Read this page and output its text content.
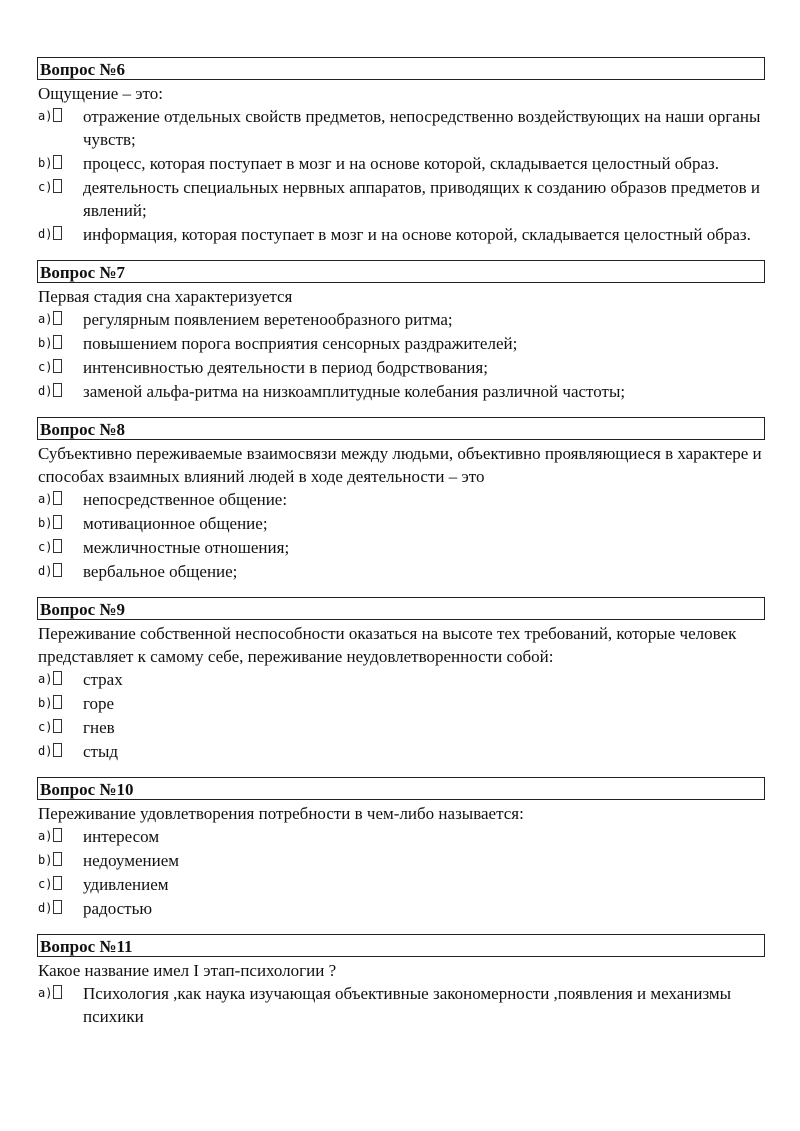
Вопрос №6
Ощущение – это:
a)	отражение отдельных свойств предметов, непосредственно воздействующих на наши органы чувств;
b)	процесс, которая поступает в мозг и на основе которой, складывается целостный образ.
c)	деятельность специальных нервных аппаратов, приводящих к созданию образов предметов и явлений;
d)	информация, которая поступает в мозг и на основе которой, складывается целостный образ.
Вопрос №7
Первая стадия сна характеризуется
a)	регулярным появлением веретенообразного ритма;
b)	повышением порога восприятия сенсорных раздражителей;
c)	интенсивностью деятельности в период бодрствования;
d)	заменой альфа-ритма на низкоамплитудные колебания различной частоты;
Вопрос №8
Субъективно переживаемые взаимосвязи между людьми, объективно проявляющиеся в характере и способах взаимных влияний людей в ходе деятельности – это
a)	непосредственное общение:
b)	мотивационное общение;
c)	межличностные отношения;
d)	вербальное общение;
Вопрос №9
Переживание собственной неспособности оказаться на высоте тех требований, которые человек представляет к самому себе, переживание неудовлетворенности собой:
a)	страх
b)	горе
c)	гнев
d)	стыд
Вопрос №10
Переживание удовлетворения потребности в чем-либо называется:
a)	интересом
b)	недоумением
c)	удивлением
d)	радостью
Вопрос №11
Какое название имел I этап-психологии ?
a)	Психология ,как наука изучающая объективные закономерности ,появления и механизмы психики
